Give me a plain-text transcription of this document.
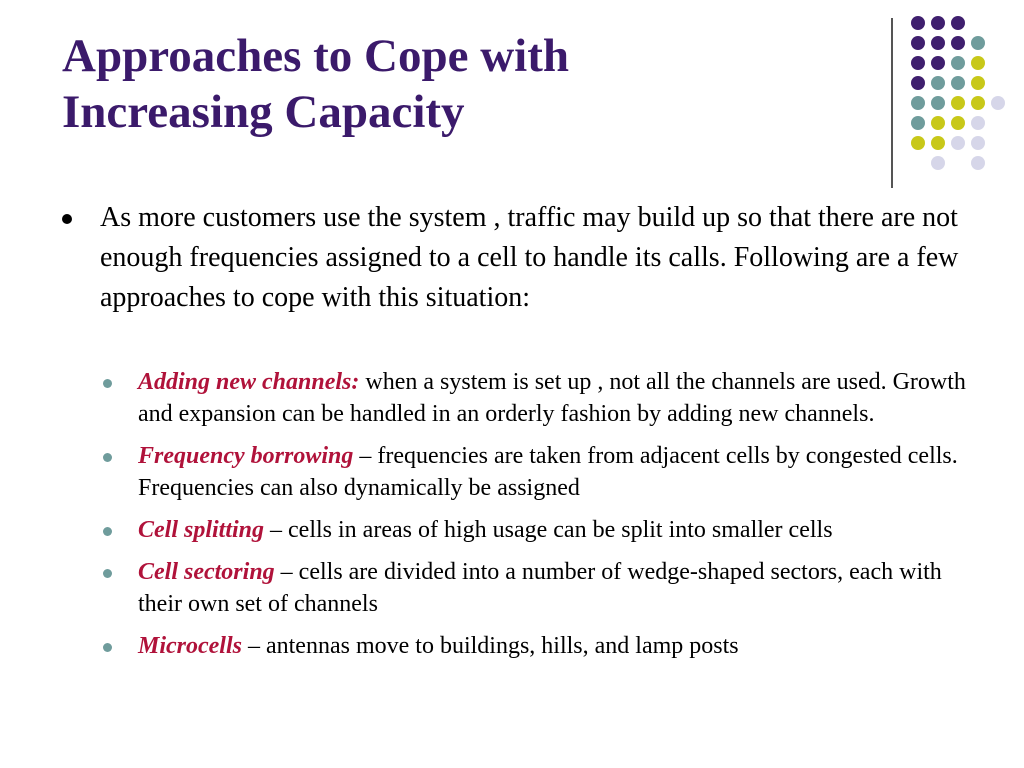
Approaches to Cope with
Increasing Capacity
As more customers use the system , traffic may build up so that there are not enough frequencies assigned to a cell to handle its calls. Following are a few approaches to cope with this situation:
Adding new channels: when a system is set up , not all the channels are used. Growth and expansion can be handled in an orderly fashion by adding new channels.
Frequency borrowing – frequencies are taken from adjacent cells by congested cells. Frequencies can also dynamically be assigned
Cell splitting – cells in areas of high usage can be split into smaller cells
Cell sectoring – cells are divided into a number of wedge-shaped sectors, each with their own set of channels
Microcells – antennas move to buildings, hills, and lamp posts
